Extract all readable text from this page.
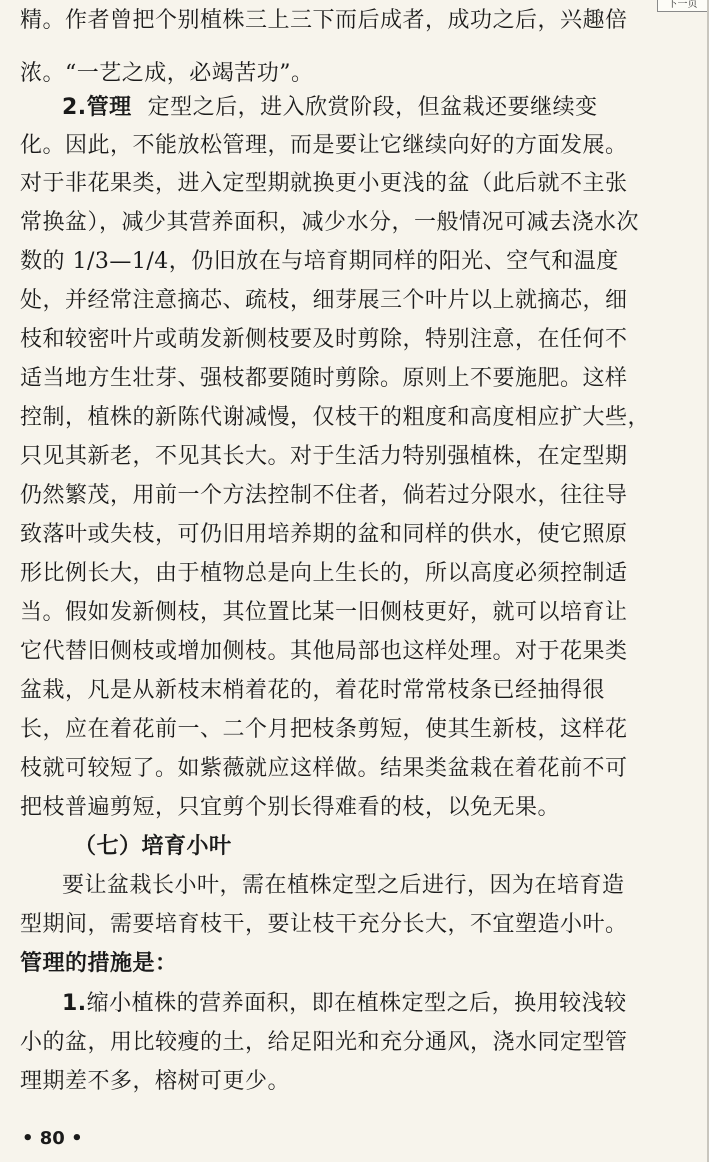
下一页
精。作者曾把个别植株三上三下而后成者，成功之后，兴趣倍
浓。“一艺之成，必竭苦功”。
2.管理 定型之后，进入欣赏阶段，但盆栽还要继续变
化。因此，不能放松管理，而是要让它继续向好的方面发展。
对于非花果类，进入定型期就换更小更浅的盆（此后就不主张
常换盆），减少其营养面积，减少水分，一般情况可减去浇水次
数的 1/3—1/4，仍旧放在与培育期同样的阳光、空气和温度
处，并经常注意摘芯、疏枝，细芽展三个叶片以上就摘芯，细
枝和较密叶片或萌发新侧枝要及时剪除，特别注意，在任何不
适当地方生壮芽、强枝都要随时剪除。原则上不要施肥。这样
控制，植株的新陈代谢减慢，仅枝干的粗度和高度相应扩大些，
只见其新老，不见其长大。对于生活力特别强植株，在定型期
仍然繁茂，用前一个方法控制不住者，倘若过分限水，往往导
致落叶或失枝，可仍旧用培养期的盆和同样的供水，使它照原
形比例长大，由于植物总是向上生长的，所以高度必须控制适
当。假如发新侧枝，其位置比某一旧侧枝更好，就可以培育让
它代替旧侧枝或增加侧枝。其他局部也这样处理。对于花果类
盆栽，凡是从新枝末梢着花的，着花时常常枝条已经抽得很
长，应在着花前一、二个月把枝条剪短，使其生新枝，这样花
枝就可较短了。如紫薇就应这样做。结果类盆栽在着花前不可
把枝普遍剪短，只宜剪个别长得难看的枝，以免无果。
（七）培育小叶
要让盆栽长小叶，需在植株定型之后进行，因为在培育造
型期间，需要培育枝干，要让枝干充分长大，不宜塑造小叶。
管理的措施是：
1.缩小植株的营养面积，即在植株定型之后，换用较浅较
小的盆，用比较瘦的土，给足阳光和充分通风，浇水同定型管
理期差不多，榕树可更少。
• 80 •
